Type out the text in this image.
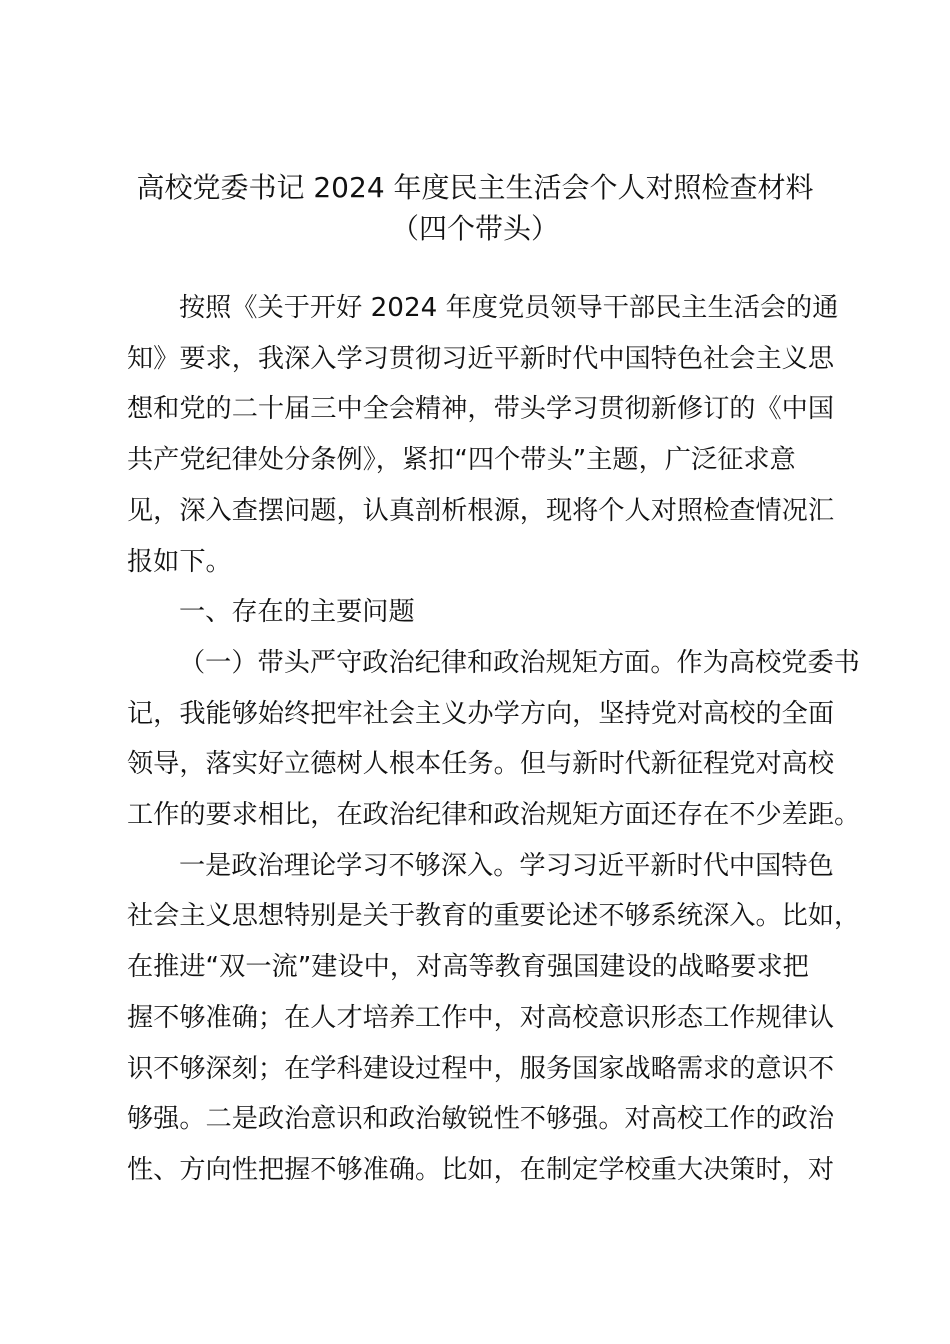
高校党委书记 2024 年度民主生活会个人对照检查材料
（四个带头）

按照《关于开好 2024 年度党员领导干部民主生活会的通
知》要求，我深入学习贯彻习近平新时代中国特色社会主义思
想和党的二十届三中全会精神，带头学习贯彻新修订的《中国
共产党纪律处分条例》，紧扣“四个带头”主题，广泛征求意
见，深入查摆问题，认真剖析根源，现将个人对照检查情况汇
报如下。

一、存在的主要问题

（一）带头严守政治纪律和政治规矩方面。作为高校党委书
记，我能够始终把牢社会主义办学方向，坚持党对高校的全面
领导，落实好立德树人根本任务。但与新时代新征程党对高校
工作的要求相比，在政治纪律和政治规矩方面还存在不少差距。

一是政治理论学习不够深入。学习习近平新时代中国特色
社会主义思想特别是关于教育的重要论述不够系统深入。比如，
在推进“双一流”建设中，对高等教育强国建设的战略要求把
握不够准确；在人才培养工作中，对高校意识形态工作规律认
识不够深刻；在学科建设过程中，服务国家战略需求的意识不
够强。二是政治意识和政治敏锐性不够强。对高校工作的政治
性、方向性把握不够准确。比如，在制定学校重大决策时，对
